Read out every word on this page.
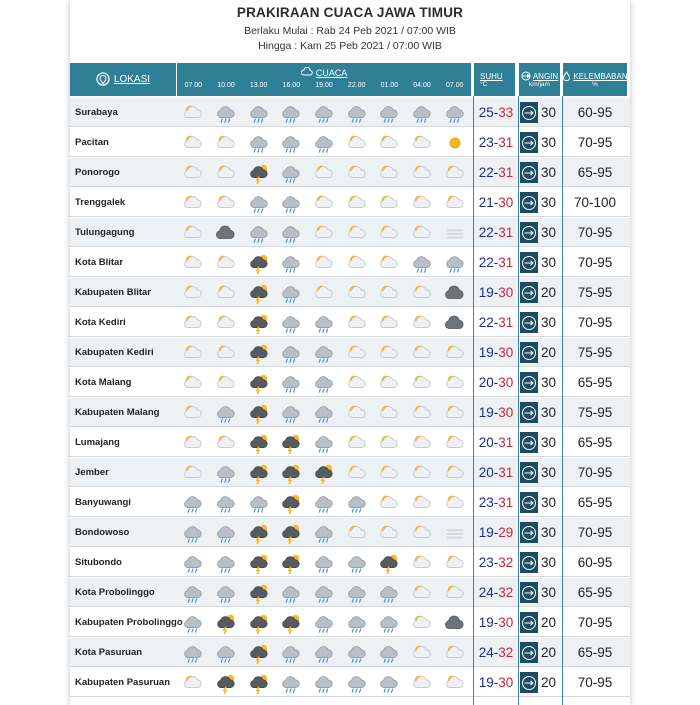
PRAKIRAAN CUACA JAWA TIMUR
Berlaku Mulai : Rab 24 Peb 2021 / 07:00 WIB
Hingga : Kam 25 Peb 2021 / 07:00 WIB
LOKASI
CUACA
07.00	10.00	13.00	16.00	19.00	22.00	01.00	04.00	07.00
SUHU
°C
ANGIN
km/jam
KELEMBABAN
%
Surabaya	25-33	30	60-95
Pacitan	23-31	30	70-95
Ponorogo	22-31	30	65-95
Trenggalek	21-30	30	70-100
Tulungagung	22-31	30	70-95
Kota Blitar	22-31	30	70-95
Kabupaten Blitar	19-30	20	75-95
Kota Kediri	22-31	30	70-95
Kabupaten Kediri	19-30	20	75-95
Kota Malang	20-30	30	65-95
Kabupaten Malang	19-30	30	75-95
Lumajang	20-31	30	65-95
Jember	20-31	30	70-95
Banyuwangi	23-31	30	65-95
Bondowoso	19-29	30	70-95
Situbondo	23-32	30	60-95
Kota Probolinggo	24-32	30	65-95
Kabupaten Probolinggo	19-30	20	70-95
Kota Pasuruan	24-32	20	65-95
Kabupaten Pasuruan	19-30	20	70-95
